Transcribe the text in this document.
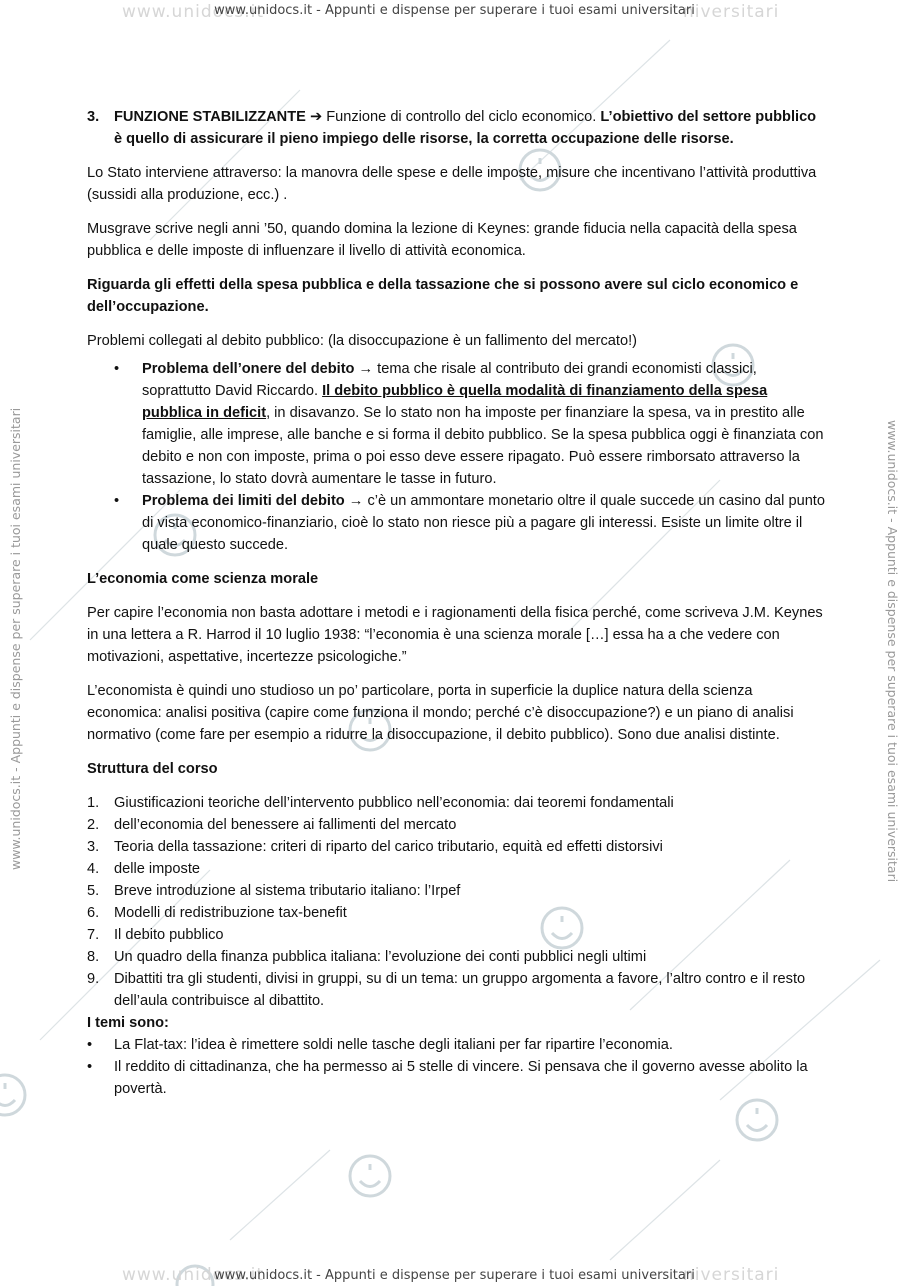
www.unidocs.it	niversitari
www.unidocs.it	niversitari
www.unidocs.it - Appunti e dispense per superare i tuoi esami universitari
www.unidocs.it - Appunti e dispense per superare i tuoi esami universitari
www.unidocs.it - Appunti e dispense per superare i tuoi esami universitari	www.unidocs.it - Appunti e dispense per superare i tuoi esami universitari
3. FUNZIONE STABILIZZANTE ➔ Funzione di controllo del ciclo economico. L’obiettivo del settore pubblico è quello di assicurare il pieno impiego delle risorse, la corretta occupazione delle risorse.

Lo Stato interviene attraverso: la manovra delle spese e delle imposte, misure che incentivano l’attività produttiva (sussidi alla produzione, ecc.) .

Musgrave scrive negli anni ’50, quando domina la lezione di Keynes: grande fiducia nella capacità della spesa pubblica e delle imposte di influenzare il livello di attività economica.

Riguarda gli effetti della spesa pubblica e della tassazione che si possono avere sul ciclo economico e dell’occupazione.

Problemi collegati al debito pubblico: (la disoccupazione è un fallimento del mercato!)

• Problema dell’onere del debito → tema che risale al contributo dei grandi economisti classici, soprattutto David Riccardo. Il debito pubblico è quella modalità di finanziamento della spesa pubblica in deficit, in disavanzo. Se lo stato non ha imposte per finanziare la spesa, va in prestito alle famiglie, alle imprese, alle banche e si forma il debito pubblico. Se la spesa pubblica oggi è finanziata con debito e non con imposte, prima o poi esso deve essere ripagato. Può essere rimborsato attraverso la tassazione, lo stato dovrà aumentare le tasse in futuro.
• Problema dei limiti del debito → c’è un ammontare monetario oltre il quale succede un casino dal punto di vista economico-finanziario, cioè lo stato non riesce più a pagare gli interessi. Esiste un limite oltre il quale questo succede.
L’economia come scienza morale

Per capire l’economia non basta adottare i metodi e i ragionamenti della fisica perché, come scriveva J.M. Keynes in una lettera a R. Harrod il 10 luglio 1938: “l’economia è una scienza morale […] essa ha a che vedere con motivazioni, aspettative, incertezze psicologiche.”

L’economista è quindi uno studioso un po’ particolare, porta in superficie la duplice natura della scienza economica: analisi positiva (capire come funziona il mondo; perché c’è disoccupazione?) e un piano di analisi normativo (come fare per esempio a ridurre la disoccupazione, il debito pubblico). Sono due analisi distinte.

Struttura del corso
1. Giustificazioni teoriche dell’intervento pubblico nell’economia: dai teoremi fondamentali
2. dell’economia del benessere ai fallimenti del mercato
3. Teoria della tassazione: criteri di riparto del carico tributario, equità ed effetti distorsivi
4. delle imposte
5. Breve introduzione al sistema tributario italiano: l’Irpef
6. Modelli di redistribuzione tax-benefit
7. Il debito pubblico
8. Un quadro della finanza pubblica italiana: l’evoluzione dei conti pubblici negli ultimi
9. Dibattiti tra gli studenti, divisi in gruppi, su di un tema: un gruppo argomenta a favore, l’altro contro e il resto dell’aula contribuisce al dibattito.
I temi sono:
• La Flat-tax: l’idea è rimettere soldi nelle tasche degli italiani per far ripartire l’economia.
• Il reddito di cittadinanza, che ha permesso ai 5 stelle di vincere. Si pensava che il governo avesse abolito la povertà.
